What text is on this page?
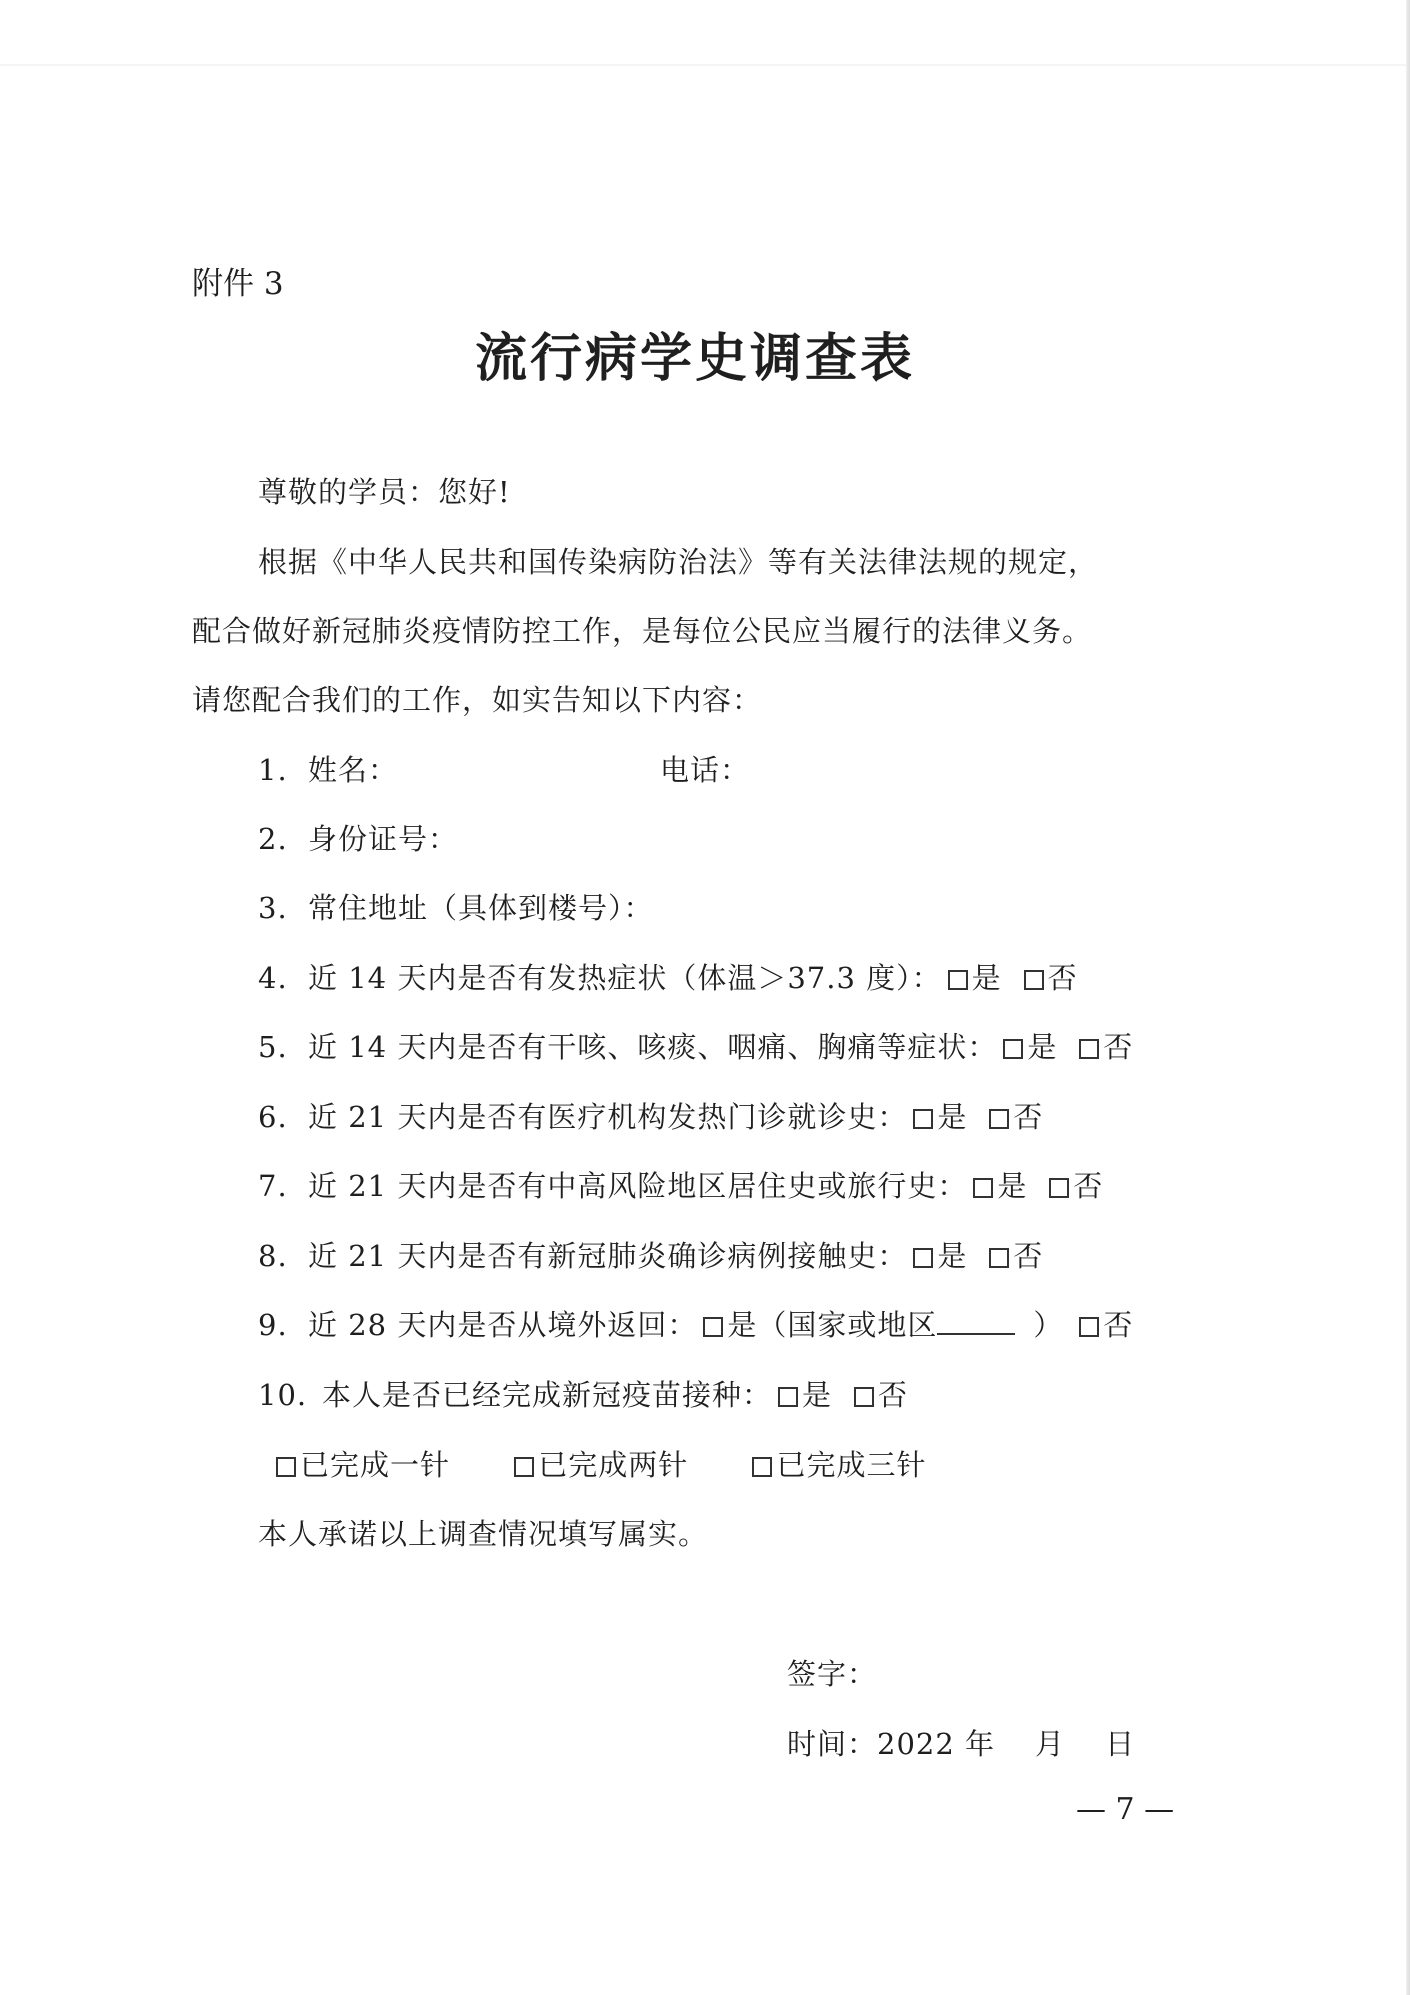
附件 3
流行病学史调查表
尊敬的学员：您好!
根据《中华人民共和国传染病防治法》等有关法律法规的规定，
配合做好新冠肺炎疫情防控工作，是每位公民应当履行的法律义务。
请您配合我们的工作，如实告知以下内容：
1. 姓名：	电话：
2. 身份证号：
3. 常住地址（具体到楼号）：
4. 近 14 天内是否有发热症状（体温＞37.3 度）： 是 否
5. 近 14 天内是否有干咳、咳痰、咽痛、胸痛等症状： 是 否
6. 近 21 天内是否有医疗机构发热门诊就诊史： 是 否
7. 近 21 天内是否有中高风险地区居住史或旅行史： 是 否
8. 近 21 天内是否有新冠肺炎确诊病例接触史： 是 否
9. 近 28 天内是否从境外返回： 是（国家或地区	） 否
10. 本人是否已经完成新冠疫苗接种： 是 否
已完成一针	已完成两针	已完成三针
本人承诺以上调查情况填写属实。
签字：
时间：2022 年 月 日
— 7 —
